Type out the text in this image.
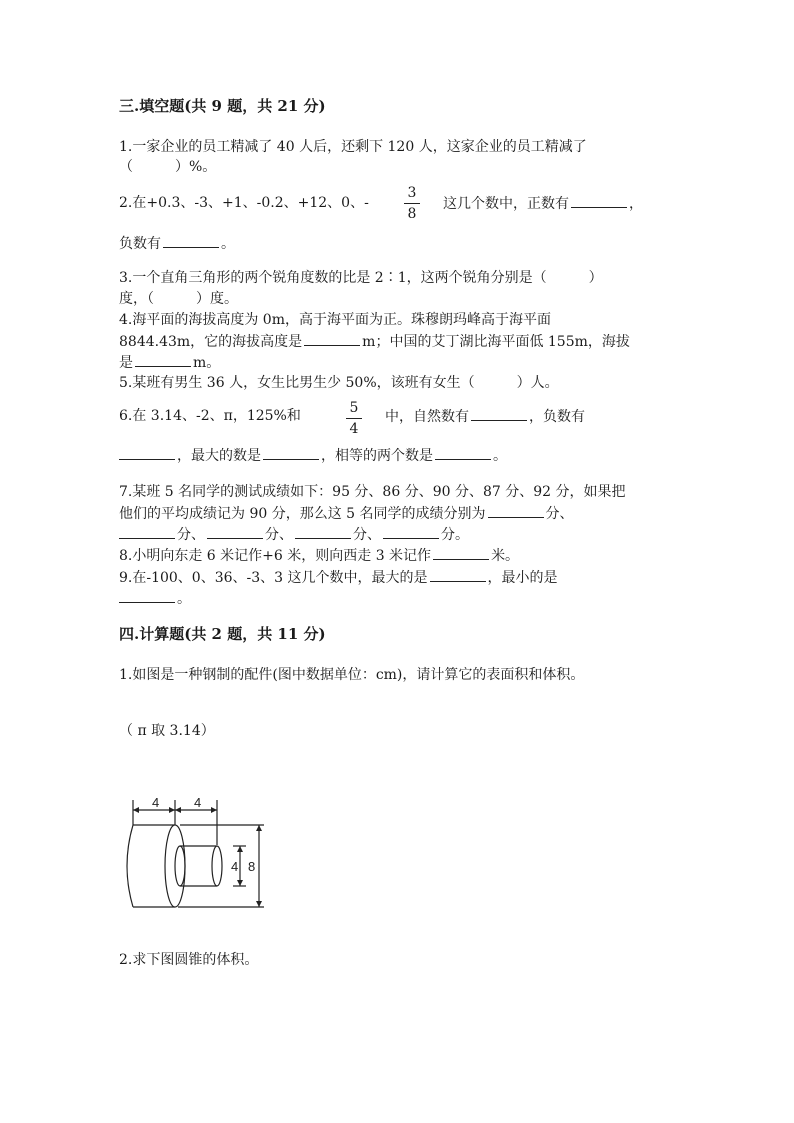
三.填空题(共 9 题，共 21 分)
1.一家企业的员工精减了 40 人后，还剩下 120 人，这家企业的员工精减了
（　　　）%。
2.在+0.3、-3、+1、-0.2、+12、0、-
3
8
这几个数中，正数有	，
负数有	。
3.一个直角三角形的两个锐角度数的比是 2∶1，这两个锐角分别是（　　　）
度，（　　　）度。
4.海平面的海拔高度为 0m，高于海平面为正。珠穆朗玛峰高于海平面
8844.43m，它的海拔高度是	m；中国的艾丁湖比海平面低 155m，海拔
是	m。
5.某班有男生 36 人，女生比男生少 50%，该班有女生（　　　）人。
6.在 3.14、-2、π，125%和	5
4
中，自然数有	，负数有
，最大的数是	，相等的两个数是	。
7.某班 5 名同学的测试成绩如下：95 分、86 分、90 分、87 分、92 分，如果把
他们的平均成绩记为 90 分，那么这 5 名同学的成绩分别为	分、
分、	分、	分、	分。
8.小明向东走 6 米记作+6 米，则向西走 3 米记作	米。
9.在-100、0、36、-3、3 这几个数中，最大的是	，最小的是
。
四.计算题(共 2 题，共 11 分)
1.如图是一种钢制的配件(图中数据单位：cm)，请计算它的表面积和体积。
（ π 取 3.14）
4	4
4 8
2.求下图圆锥的体积。
